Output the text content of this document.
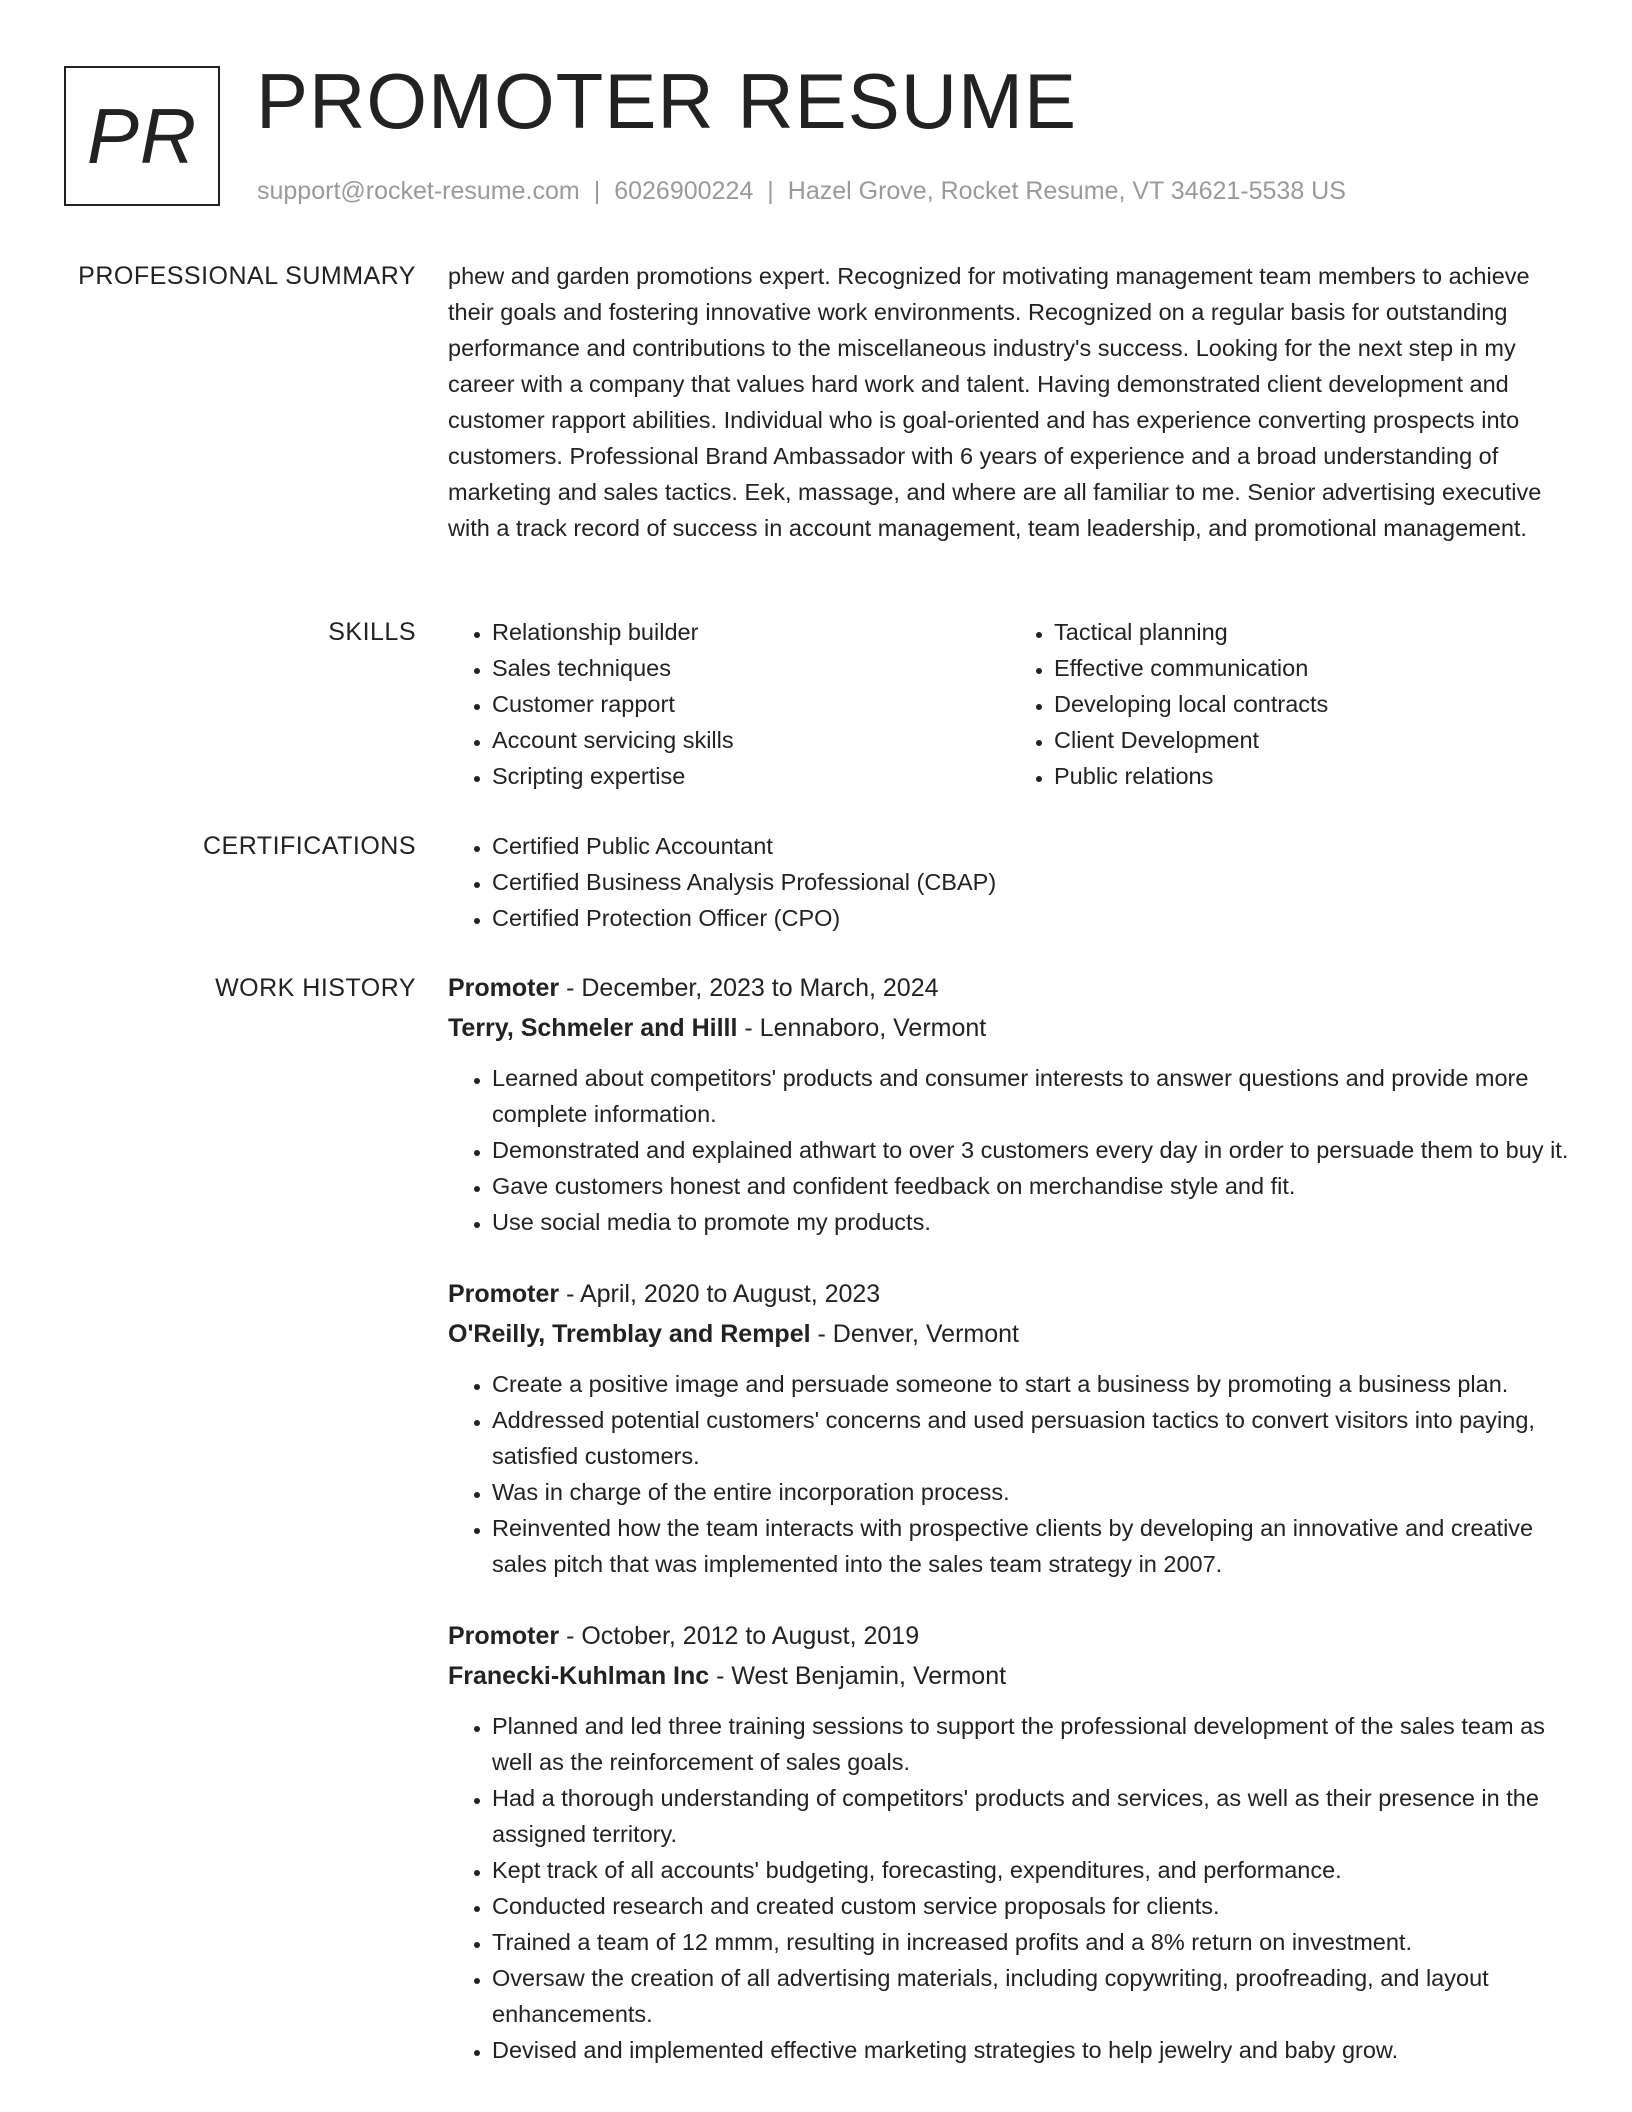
PR PROMOTER RESUME
support@rocket-resume.com | 6026900224 | Hazel Grove, Rocket Resume, VT 34621-5538 US
PROFESSIONAL SUMMARY phew and garden promotions expert. Recognized for motivating management team members to achieve their goals and fostering innovative work environments. Recognized on a regular basis for outstanding performance and contributions to the miscellaneous industry's success. Looking for the next step in my career with a company that values hard work and talent. Having demonstrated client development and customer rapport abilities. Individual who is goal-oriented and has experience converting prospects into customers. Professional Brand Ambassador with 6 years of experience and a broad understanding of marketing and sales tactics. Eek, massage, and where are all familiar to me. Senior advertising executive with a track record of success in account management, team leadership, and promotional management.
SKILLS	• Relationship builder
• Sales techniques
• Customer rapport
• Account servicing skills
• Scripting expertise
• Tactical planning
• Effective communication
• Developing local contracts
• Client Development
• Public relations
CERTIFICATIONS	• Certified Public Accountant
• Certified Business Analysis Professional (CBAP)
• Certified Protection Officer (CPO)
WORK HISTORY Promoter - December, 2023 to March, 2024
Terry, Schmeler and Hilll - Lennaboro, Vermont
• Learned about competitors' products and consumer interests to answer questions and provide more complete information.
• Demonstrated and explained athwart to over 3 customers every day in order to persuade them to buy it.
• Gave customers honest and confident feedback on merchandise style and fit.
• Use social media to promote my products.
Promoter - April, 2020 to August, 2023
O'Reilly, Tremblay and Rempel - Denver, Vermont
• Create a positive image and persuade someone to start a business by promoting a business plan.
• Addressed potential customers' concerns and used persuasion tactics to convert visitors into paying, satisfied customers.
• Was in charge of the entire incorporation process.
• Reinvented how the team interacts with prospective clients by developing an innovative and creative sales pitch that was implemented into the sales team strategy in 2007.
Promoter - October, 2012 to August, 2019
Franecki-Kuhlman Inc - West Benjamin, Vermont
• Planned and led three training sessions to support the professional development of the sales team as well as the reinforcement of sales goals.
• Had a thorough understanding of competitors' products and services, as well as their presence in the assigned territory.
• Kept track of all accounts' budgeting, forecasting, expenditures, and performance.
• Conducted research and created custom service proposals for clients.
• Trained a team of 12 mmm, resulting in increased profits and a 8% return on investment.
• Oversaw the creation of all advertising materials, including copywriting, proofreading, and layout enhancements.
• Devised and implemented effective marketing strategies to help jewelry and baby grow.
